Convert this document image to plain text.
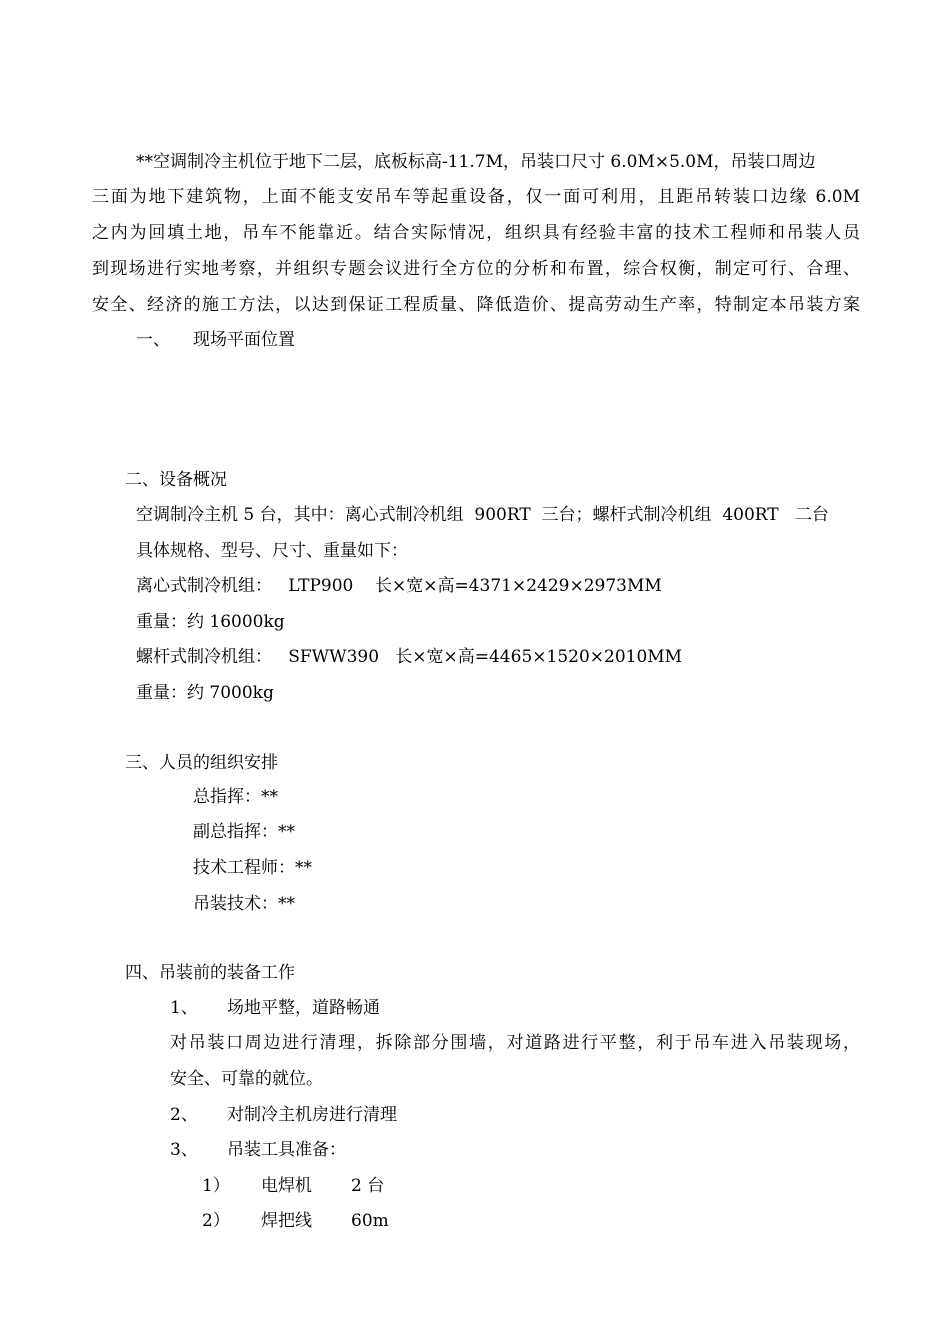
**空调制冷主机位于地下二层，底板标高-11.7M，吊装口尺寸 6.0M×5.0M，吊装口周边
三面为地下建筑物，上面不能支安吊车等起重设备，仅一面可利用，且距吊转装口边缘 6.0M
之内为回填土地，吊车不能靠近。结合实际情况，组织具有经验丰富的技术工程师和吊装人员
到现场进行实地考察，并组织专题会议进行全方位的分析和布置，综合权衡，制定可行、合理、
安全、经济的施工方法，以达到保证工程质量、降低造价、提高劳动生产率，特制定本吊装方案
一、 现场平面位置
二、设备概况
空调制冷主机 5 台，其中：离心式制冷机组  900RT  三台；螺杆式制冷机组  400RT   二台
具体规格、型号、尺寸、重量如下：
离心式制冷机组：   LTP900    长×宽×高=4371×2429×2973MM
重量：约 16000kg
螺杆式制冷机组：   SFWW390   长×宽×高=4465×1520×2010MM
重量：约 7000kg
三、人员的组织安排
总指挥：**
副总指挥：**
技术工程师：**
吊装技术：**
四、吊装前的装备工作
1、 场地平整，道路畅通
对吊装口周边进行清理，拆除部分围墙，对道路进行平整，利于吊车进入吊装现场，
安全、可靠的就位。
2、 对制冷主机房进行清理
3、 吊装工具准备：
1） 电焊机 2 台
2） 焊把线 60m
